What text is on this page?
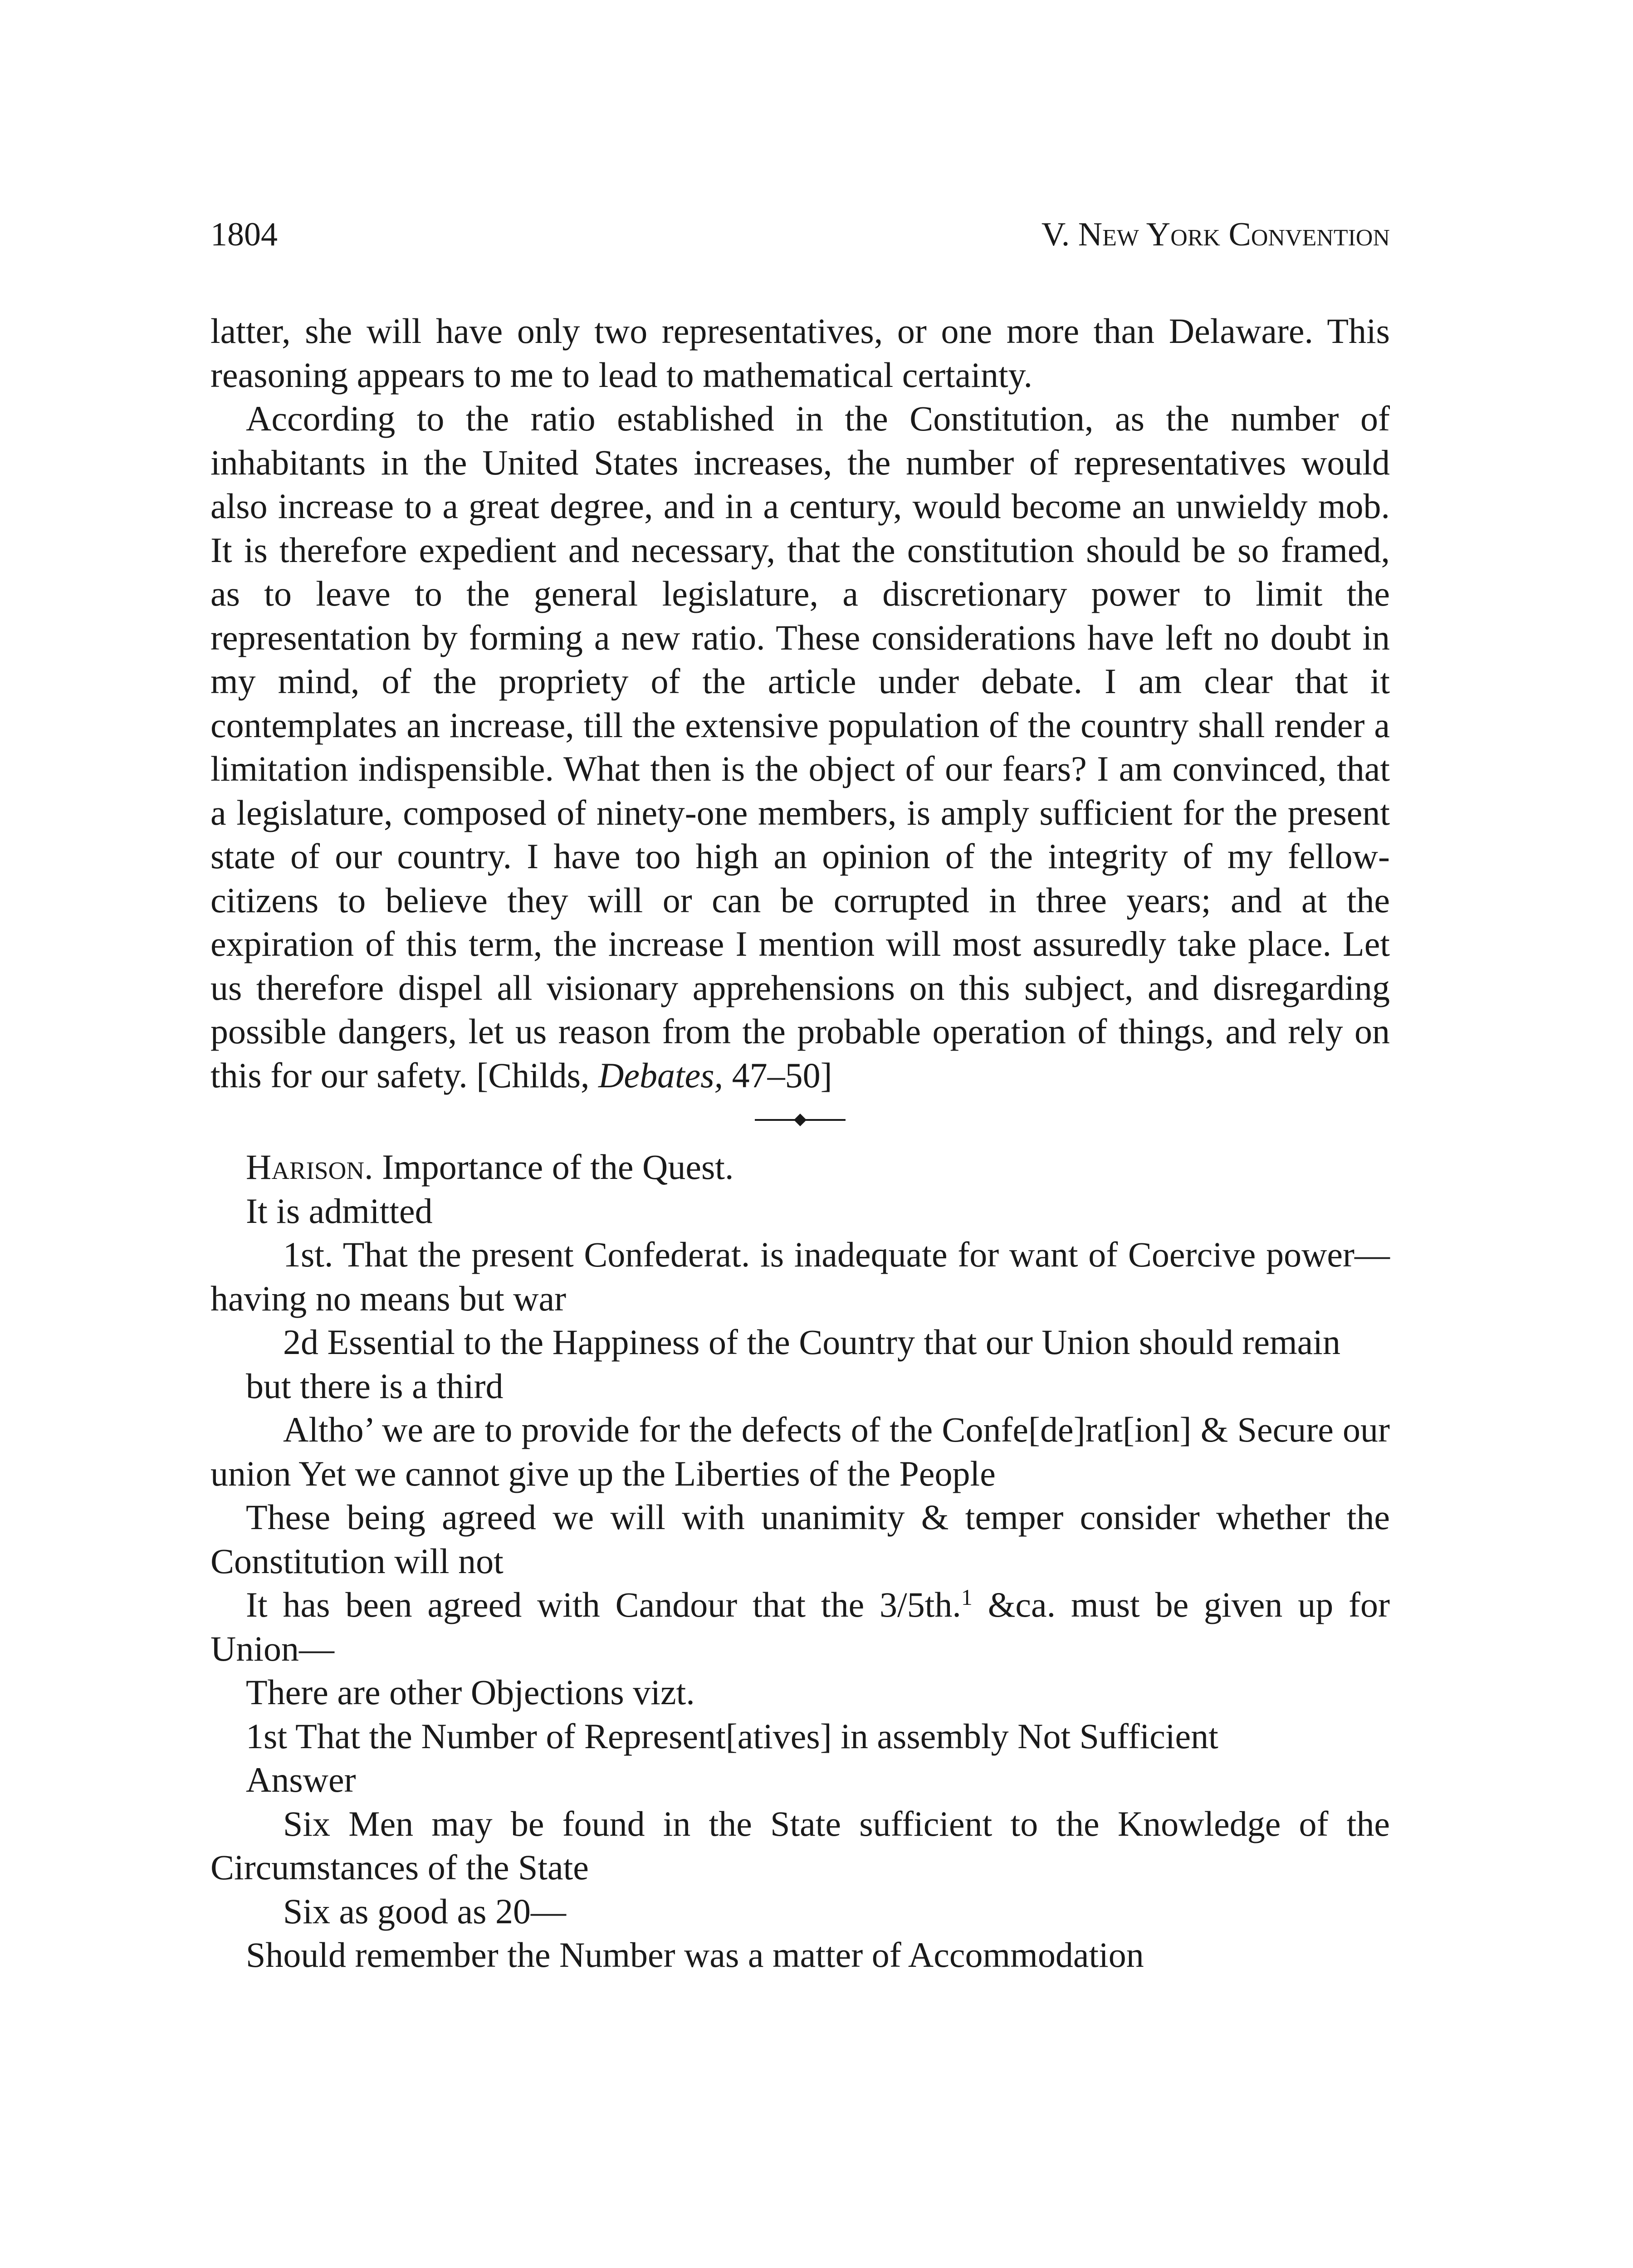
1804	V. New York Convention

latter, she will have only two representatives, or one more than Delaware. This reasoning appears to me to lead to mathematical certainty.

According to the ratio established in the Constitution, as the number of inhabitants in the United States increases, the number of representatives would also increase to a great degree, and in a century, would become an unwieldy mob. It is therefore expedient and necessary, that the constitution should be so framed, as to leave to the general legislature, a discretionary power to limit the representation by forming a new ratio. These considerations have left no doubt in my mind, of the propriety of the article under debate. I am clear that it contemplates an increase, till the extensive population of the country shall render a limitation indispensible. What then is the object of our fears? I am convinced, that a legislature, composed of ninety-one members, is amply sufficient for the present state of our country. I have too high an opinion of the integrity of my fellow-citizens to believe they will or can be corrupted in three years; and at the expiration of this term, the increase I mention will most assuredly take place. Let us therefore dispel all visionary apprehensions on this subject, and disregarding possible dangers, let us reason from the probable operation of things, and rely on this for our safety. [Childs, Debates, 47–50]

Harison. Importance of the Quest.

It is admitted

1st. That the present Confederat. is inadequate for want of Coercive power—having no means but war

2d Essential to the Happiness of the Country that our Union should remain

but there is a third

Altho’ we are to provide for the defects of the Confe[de]rat[ion] & Secure our union Yet we cannot give up the Liberties of the People

These being agreed we will with unanimity & temper consider whether the Constitution will not

It has been agreed with Candour that the 3/5th.$^1$ &ca. must be given up for Union—

There are other Objections vizt.

1st That the Number of Represent[atives] in assembly Not Sufficient

Answer

Six Men may be found in the State sufficient to the Knowledge of the Circumstances of the State

Six as good as 20—

Should remember the Number was a matter of Accommodation
